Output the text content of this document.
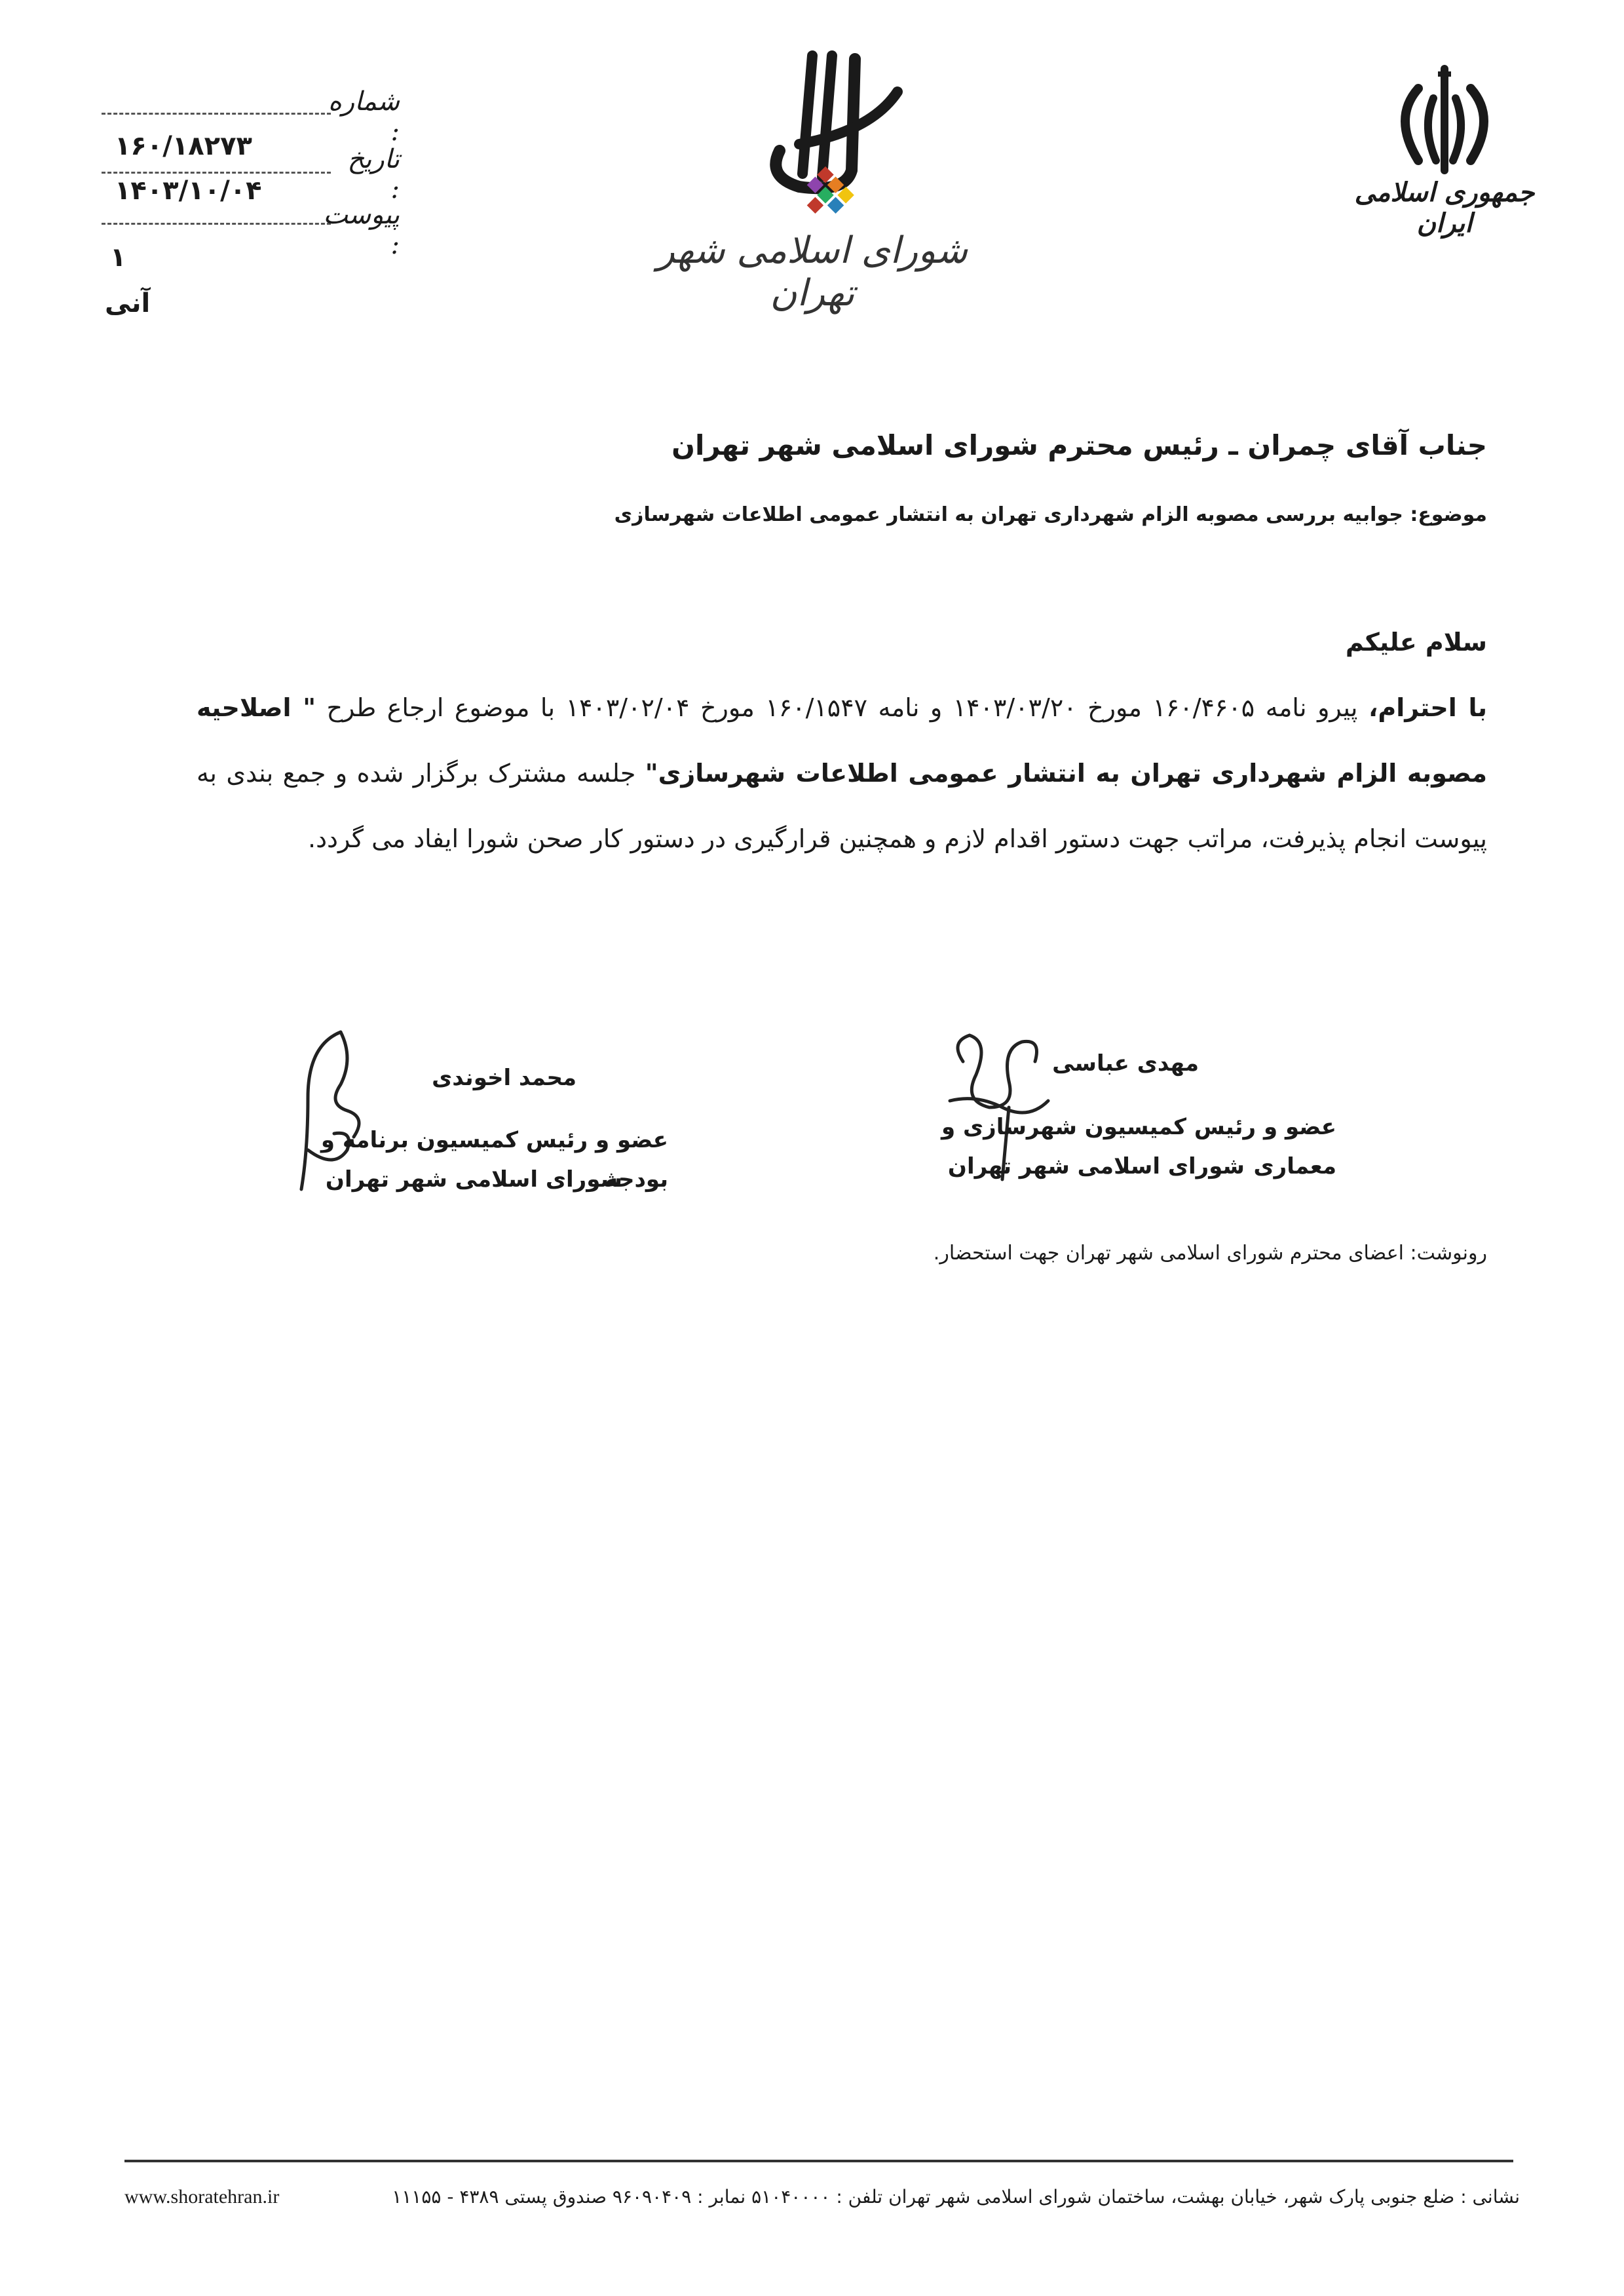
شماره :
۱۶۰/۱۸۲۷۳	تاریخ :
۱۴۰۳/۱۰/۰۴
پیوست :
۱
آنی
شورای اسلامی شهر تهران
جمهوری اسلامی ایران
جناب آقای چمران ـ رئیس محترم شورای اسلامی شهر تهران
موضوع: جوابیه بررسی مصوبه الزام شهرداری تهران به انتشار عمومی اطلاعات شهرسازی
سلام علیکم
با احترام، پیرو نامه ۱۶۰/۴۶۰۵ مورخ ۱۴۰۳/۰۳/۲۰ و نامه ۱۶۰/۱۵۴۷ مورخ ۱۴۰۳/۰۲/۰۴ با موضوع ارجاع طرح " اصلاحیه مصوبه الزام شهرداری تهران به انتشار عمومی اطلاعات شهرسازی" جلسه مشترک برگزار شده و جمع بندی به پیوست انجام پذیرفت، مراتب جهت دستور اقدام لازم و همچنین قرارگیری در دستور کار صحن شورا ایفاد می گردد.
مهدی عباسی
عضو و رئیس کمیسیون شهرسازی و معماری
شورای اسلامی شهر تهران
محمد اخوندی
عضو و رئیس کمیسیون برنامه و بودجه
شورای اسلامی شهر تهران
رونوشت: اعضای محترم شورای اسلامی شهر تهران جهت استحضار.
نشانی : ضلع جنوبی پارک شهر، خیابان بهشت، ساختمان شورای اسلامی شهر تهران تلفن : ۵۱۰۴۰۰۰۰ نمابر : ۹۶۰۹۰۴۰۹ صندوق پستی ۴۳۸۹ - ۱۱۱۵۵
www.shoratehran.ir
